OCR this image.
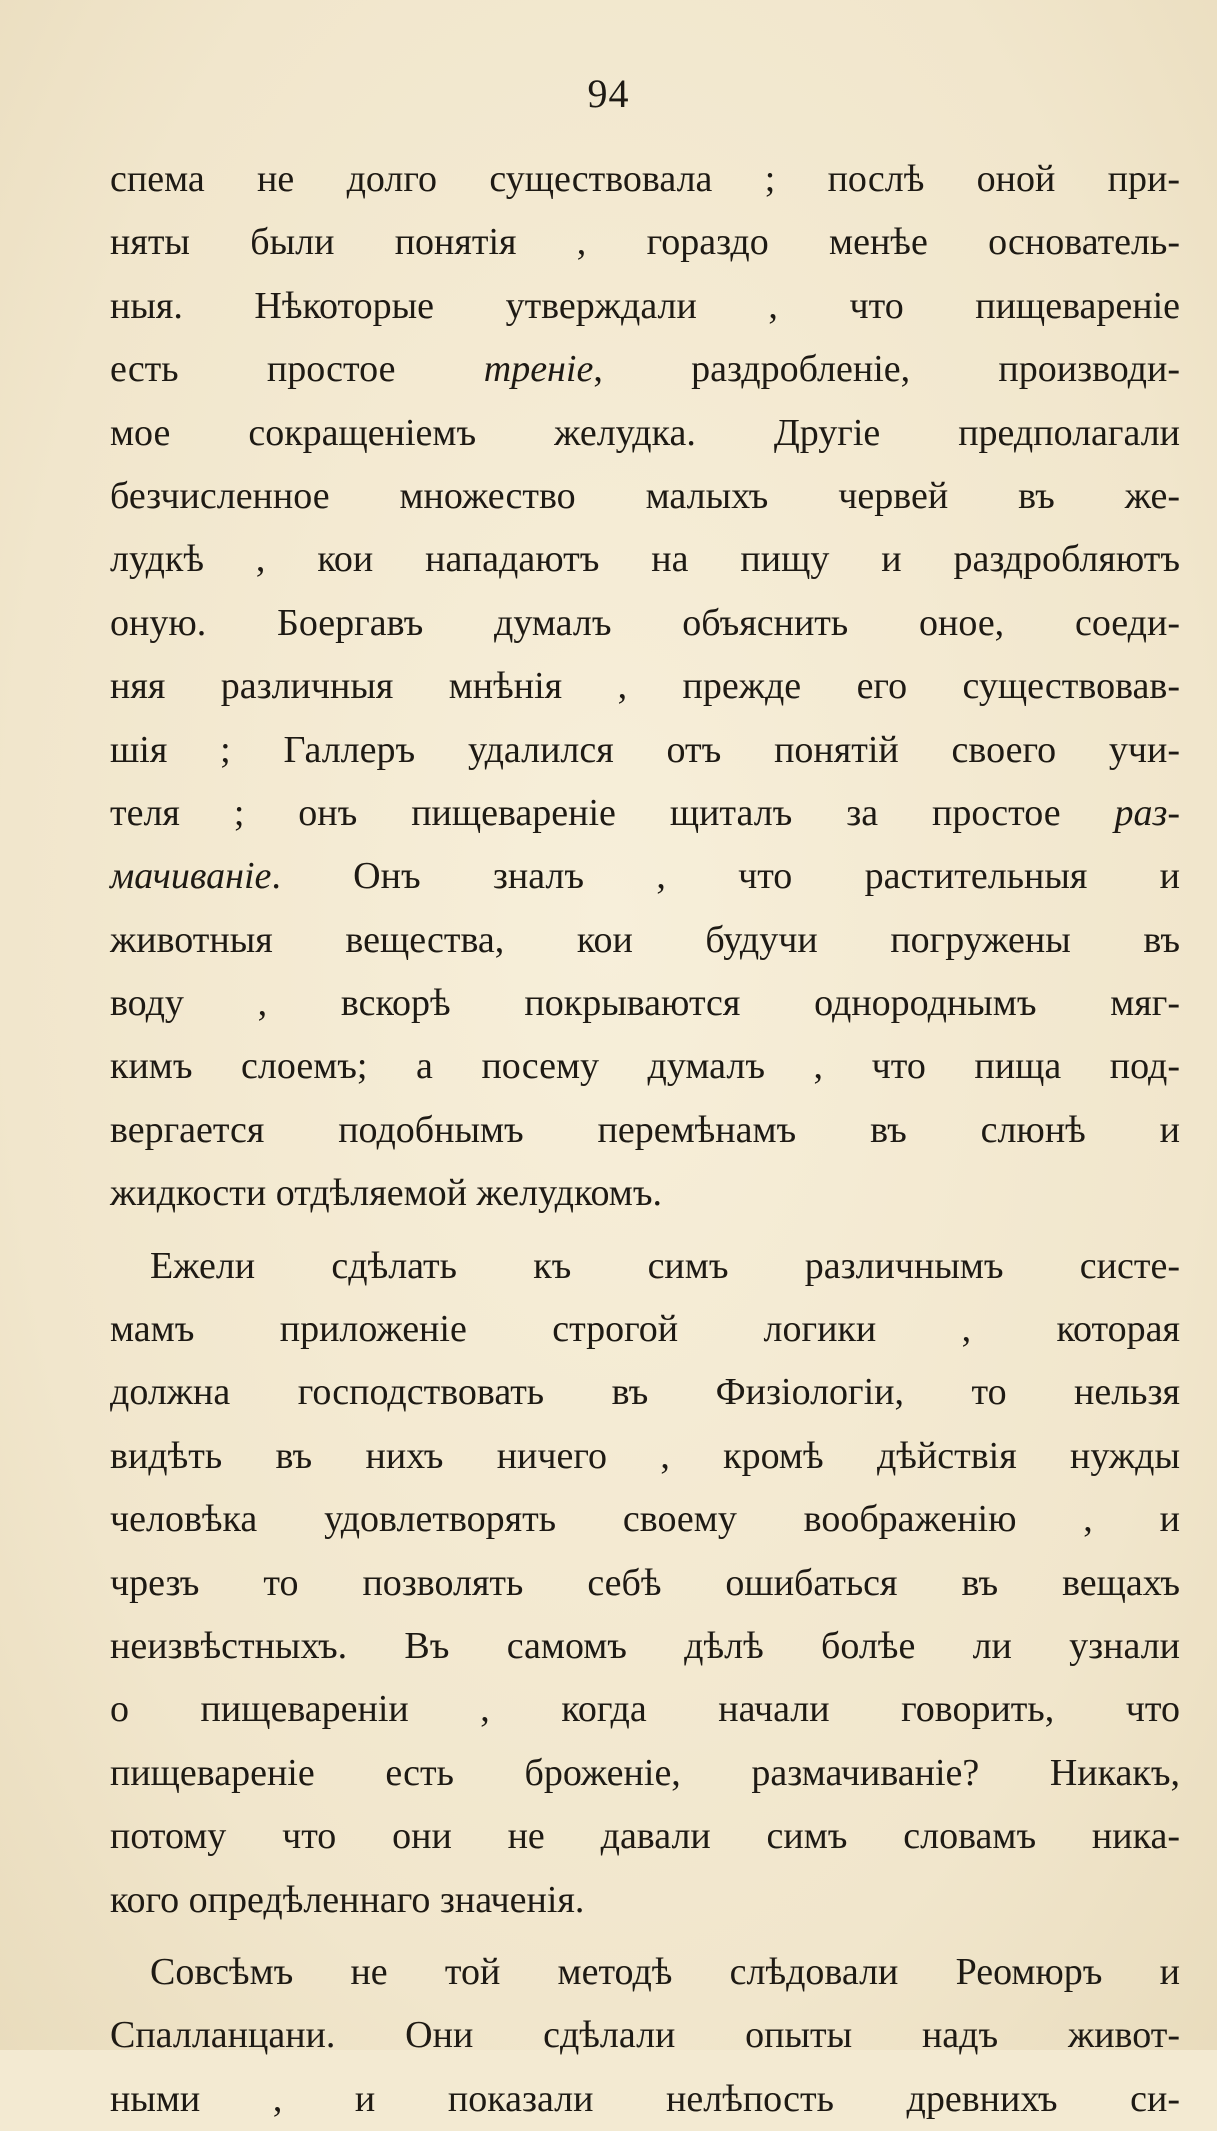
94
спема не долго существовала ; послѣ оной при-
няты были понятія , гораздо менѣе основатель-
ныя. Нѣкоторые утверждали , что пищевареніе
есть простое треніе, раздробленіе, производи-
мое сокращеніемъ желудка. Другіе предполагали
безчисленное множество малыхъ червей въ же-
лудкѣ , кои нападаютъ на пищу и раздробляютъ
оную. Боергавъ думалъ объяснить оное, соеди-
няя различныя мнѣнія , прежде его существовав-
шія ; Галлеръ удалился отъ понятій своего учи-
теля ; онъ пищевареніе щиталъ за простое раз-
мачиваніе. Онъ зналъ , что растительныя и
животныя вещества, кои будучи погружены въ
воду , вскорѣ покрываются однороднымъ мяг-
кимъ слоемъ; а посему думалъ , что пища под-
вергается подобнымъ перемѣнамъ въ слюнѣ и
жидкости отдѣляемой желудкомъ.
Ежели сдѣлать къ симъ различнымъ систе-
мамъ приложеніе строгой логики , которая
должна господствовать въ Физіологіи, то нельзя
видѣть въ нихъ ничего , кромѣ дѣйствія нужды
человѣка удовлетворять своему воображенію , и
чрезъ то позволять себѣ ошибаться въ вещахъ
неизвѣстныхъ. Въ самомъ дѣлѣ болѣе ли узнали
о пищевареніи , когда начали говорить, что
пищевареніе есть броженіе, размачиваніе? Никакъ,
потому что они не давали симъ словамъ ника-
кого опредѣленнаго значенія.
Совсѣмъ не той методѣ слѣдовали Реомюръ и
Спалланцани. Они сдѣлали опыты надъ живот-
ными , и показали нелѣпость древнихъ си-
